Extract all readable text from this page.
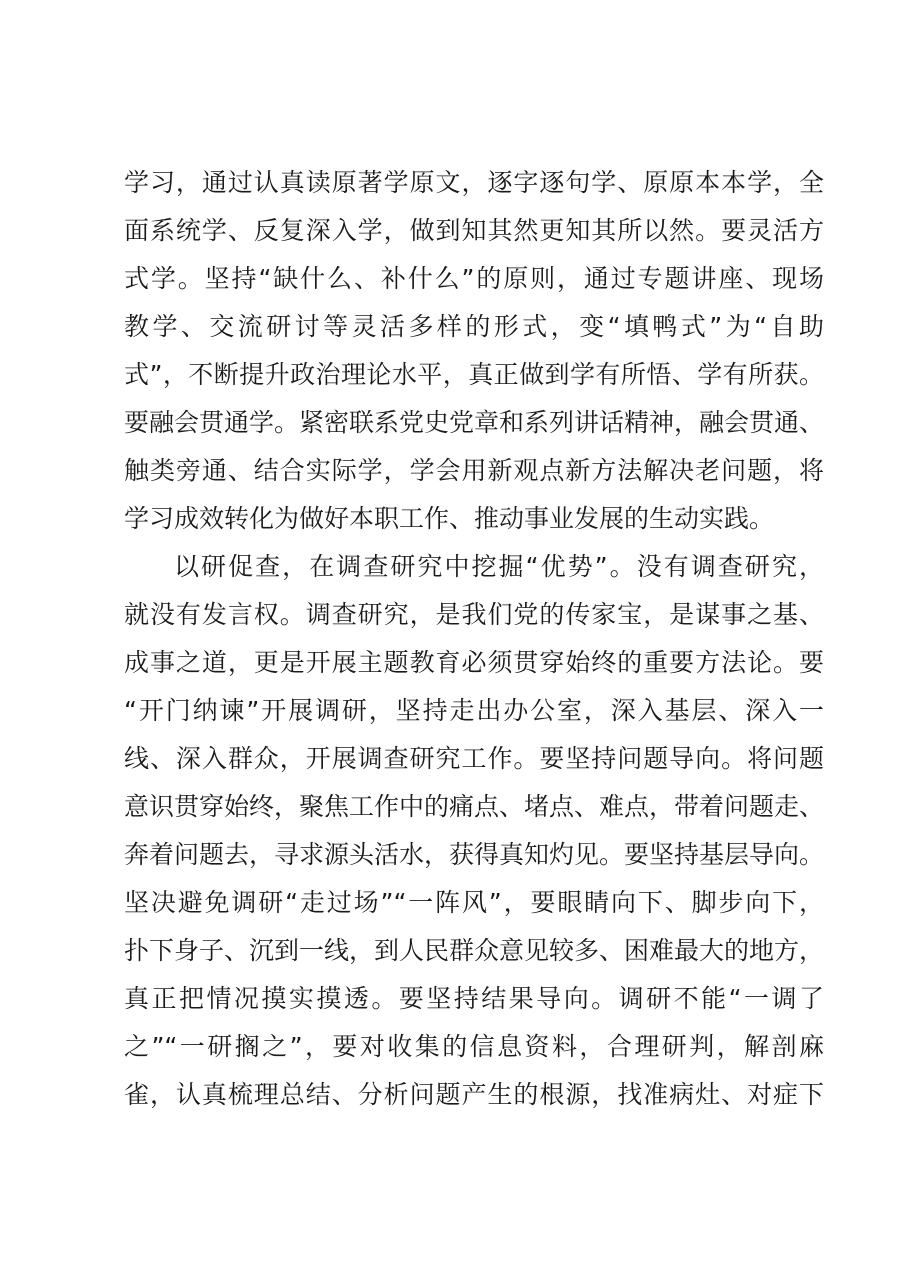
学习，通过认真读原著学原文，逐字逐句学、原原本本学，全
面系统学、反复深入学，做到知其然更知其所以然。要灵活方
式学。坚持“缺什么、补什么”的原则，通过专题讲座、现场
教学、交流研讨等灵活多样的形式，变“填鸭式”为“自助
式”，不断提升政治理论水平，真正做到学有所悟、学有所获。
要融会贯通学。紧密联系党史党章和系列讲话精神，融会贯通、
触类旁通、结合实际学，学会用新观点新方法解决老问题，将
学习成效转化为做好本职工作、推动事业发展的生动实践。
以研促查，在调查研究中挖掘“优势”。没有调查研究，
就没有发言权。调查研究，是我们党的传家宝，是谋事之基、
成事之道，更是开展主题教育必须贯穿始终的重要方法论。要
“开门纳谏”开展调研，坚持走出办公室，深入基层、深入一
线、深入群众，开展调查研究工作。要坚持问题导向。将问题
意识贯穿始终，聚焦工作中的痛点、堵点、难点，带着问题走、
奔着问题去，寻求源头活水，获得真知灼见。要坚持基层导向。
坚决避免调研“走过场”“一阵风”，要眼睛向下、脚步向下，
扑下身子、沉到一线，到人民群众意见较多、困难最大的地方，
真正把情况摸实摸透。要坚持结果导向。调研不能“一调了
之”“一研搁之”，要对收集的信息资料，合理研判，解剖麻
雀，认真梳理总结、分析问题产生的根源，找准病灶、对症下
